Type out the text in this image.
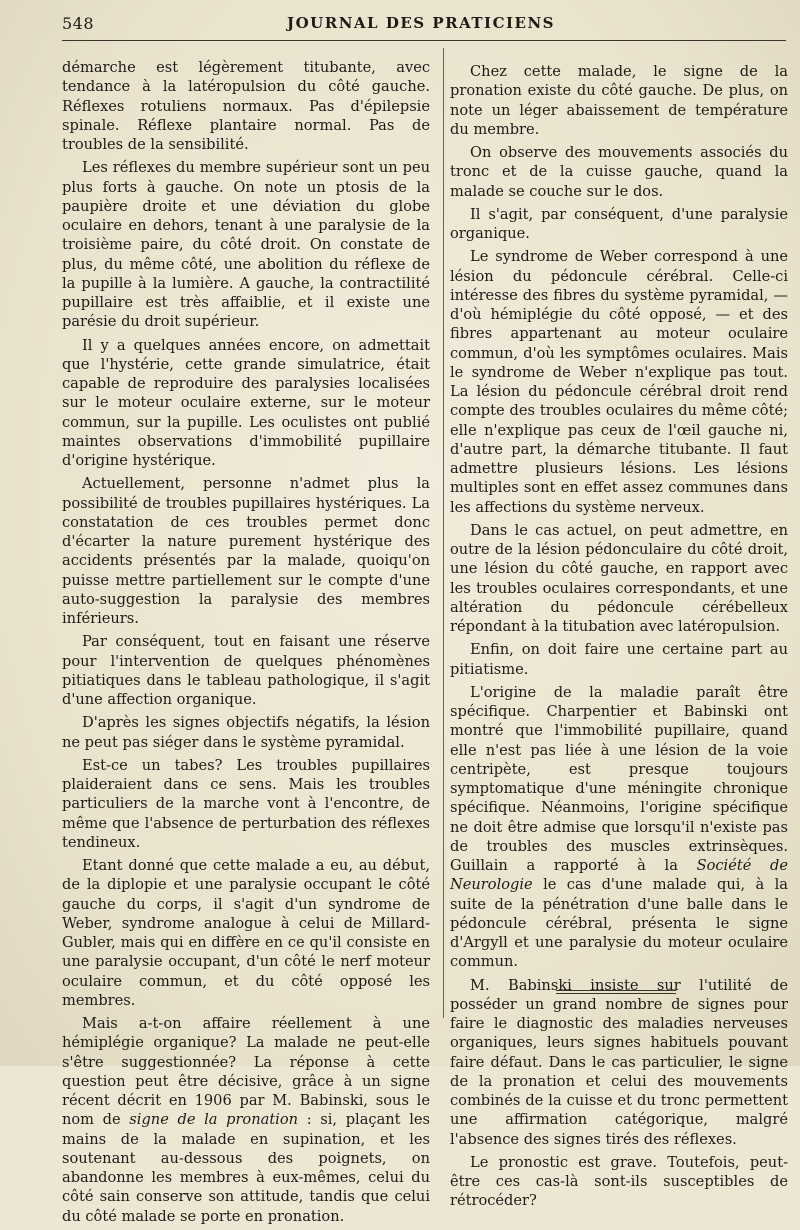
548	JOURNAL DES PRATICIENS

démarche est légèrement titubante, avec tendance à la latéropulsion du côté gauche. Réflexes rotuliens normaux. Pas d'épilepsie spinale. Réflexe plantaire normal. Pas de troubles de la sensibilité.

Les réflexes du membre supérieur sont un peu plus forts à gauche. On note un ptosis de la paupière droite et une déviation du globe oculaire en dehors, tenant à une paralysie de la troisième paire, du côté droit. On constate de plus, du même côté, une abolition du réflexe de la pupille à la lumière. A gauche, la contractilité pupillaire est très affaiblie, et il existe une parésie du droit supérieur.

Il y a quelques années encore, on admettait que l'hystérie, cette grande simulatrice, était capable de reproduire des paralysies localisées sur le moteur oculaire externe, sur le moteur commun, sur la pupille. Les oculistes ont publié maintes observations d'immobilité pupillaire d'origine hystérique.

Actuellement, personne n'admet plus la possibilité de troubles pupillaires hystériques. La constatation de ces troubles permet donc d'écarter la nature purement hystérique des accidents présentés par la malade, quoiqu'on puisse mettre partiellement sur le compte d'une auto-suggestion la paralysie des membres inférieurs.

Par conséquent, tout en faisant une réserve pour l'intervention de quelques phénomènes pitiatiques dans le tableau pathologique, il s'agit d'une affection organique.

D'après les signes objectifs négatifs, la lésion ne peut pas siéger dans le système pyramidal.

Est-ce un tabes? Les troubles pupillaires plaideraient dans ce sens. Mais les troubles particuliers de la marche vont à l'encontre, de même que l'absence de perturbation des réflexes tendineux.

Etant donné que cette malade a eu, au début, de la diplopie et une paralysie occupant le côté gauche du corps, il s'agit d'un syndrome de Weber, syndrome analogue à celui de Millard-Gubler, mais qui en diffère en ce qu'il consiste en une paralysie occupant, d'un côté le nerf moteur oculaire commun, et du côté opposé les membres.

Mais a-t-on affaire réellement à une hémiplégie organique? La malade ne peut-elle s'être suggestionnée? La réponse à cette question peut être décisive, grâce à un signe récent décrit en 1906 par M. Babinski, sous le nom de signe de la pronation : si, plaçant les mains de la malade en supination, et les soutenant au-dessous des poignets, on abandonne les membres à eux-mêmes, celui du côté sain conserve son attitude, tandis que celui du côté malade se porte en pronation.

Chez cette malade, le signe de la pronation existe du côté gauche. De plus, on note un léger abaissement de température du membre.

On observe des mouvements associés du tronc et de la cuisse gauche, quand la malade se couche sur le dos.

Il s'agit, par conséquent, d'une paralysie organique.

Le syndrome de Weber correspond à une lésion du pédoncule cérébral. Celle-ci intéresse des fibres du système pyramidal, — d'où hémiplégie du côté opposé, — et des fibres appartenant au moteur oculaire commun, d'où les symptômes oculaires. Mais le syndrome de Weber n'explique pas tout. La lésion du pédoncule cérébral droit rend compte des troubles oculaires du même côté; elle n'explique pas ceux de l'œil gauche ni, d'autre part, la démarche titubante. Il faut admettre plusieurs lésions. Les lésions multiples sont en effet assez communes dans les affections du système nerveux.

Dans le cas actuel, on peut admettre, en outre de la lésion pédonculaire du côté droit, une lésion du côté gauche, en rapport avec les troubles oculaires correspondants, et une altération du pédoncule cérébelleux répondant à la titubation avec latéropulsion.

Enfin, on doit faire une certaine part au pitiatisme.

L'origine de la maladie paraît être spécifique. Charpentier et Babinski ont montré que l'immobilité pupillaire, quand elle n'est pas liée à une lésion de la voie centripète, est presque toujours symptomatique d'une méningite chronique spécifique. Néanmoins, l'origine spécifique ne doit être admise que lorsqu'il n'existe pas de troubles des muscles extrinsèques. Guillain a rapporté à la Société de Neurologie le cas d'une malade qui, à la suite de la pénétration d'une balle dans le pédoncule cérébral, présenta le signe d'Argyll et une paralysie du moteur oculaire commun.

M. Babinski insiste sur l'utilité de posséder un grand nombre de signes pour faire le diagnostic des maladies nerveuses organiques, leurs signes habituels pouvant faire défaut. Dans le cas particulier, le signe de la pronation et celui des mouvements combinés de la cuisse et du tronc permettent une affirmation catégorique, malgré l'absence des signes tirés des réflexes.

Le pronostic est grave. Toutefois, peut-être ces cas-là sont-ils susceptibles de rétrocéder?
